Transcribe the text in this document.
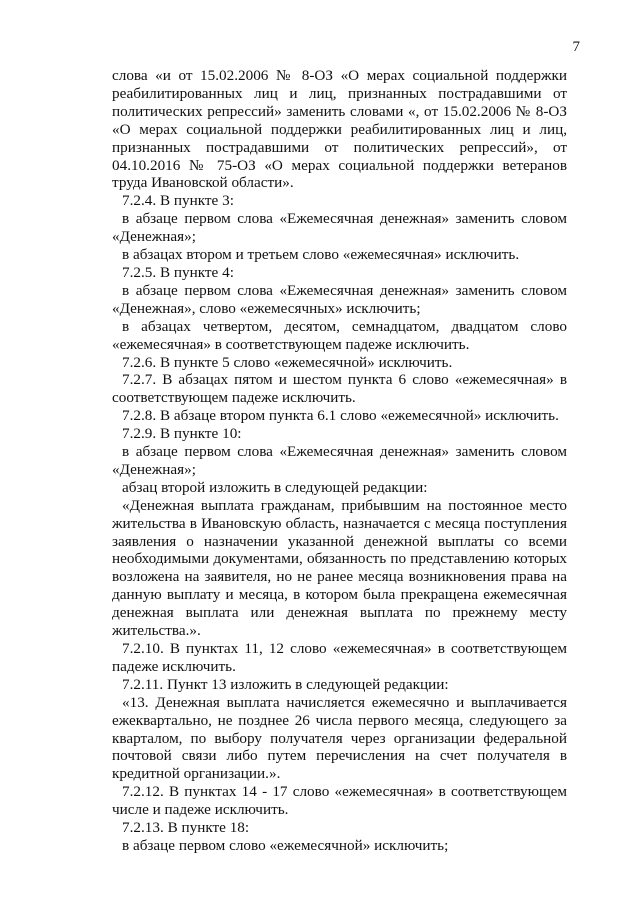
7

слова «и от 15.02.2006 № 8-ОЗ «О мерах социальной поддержки реабилитированных лиц и лиц, признанных пострадавшими от политических репрессий» заменить словами «, от 15.02.2006 № 8-ОЗ «О мерах социальной поддержки реабилитированных лиц и лиц, признанных пострадавшими от политических репрессий», от 04.10.2016 № 75-ОЗ «О мерах социальной поддержки ветеранов труда Ивановской области».

7.2.4. В пункте 3:

в абзаце первом слова «Ежемесячная денежная» заменить словом «Денежная»;

в абзацах втором и третьем слово «ежемесячная» исключить.

7.2.5. В пункте 4:

в абзаце первом слова «Ежемесячная денежная» заменить словом «Денежная», слово «ежемесячных» исключить;

в абзацах четвертом, десятом, семнадцатом, двадцатом слово «ежемесячная» в соответствующем падеже исключить.

7.2.6. В пункте 5 слово «ежемесячной» исключить.

7.2.7. В абзацах пятом и шестом пункта 6 слово «ежемесячная» в соответствующем падеже исключить.

7.2.8. В абзаце втором пункта 6.1 слово «ежемесячной» исключить.

7.2.9. В пункте 10:

в абзаце первом слова «Ежемесячная денежная» заменить словом «Денежная»;

абзац второй изложить в следующей редакции:

«Денежная выплата гражданам, прибывшим на постоянное место жительства в Ивановскую область, назначается с месяца поступления заявления о назначении указанной денежной выплаты со всеми необходимыми документами, обязанность по представлению которых возложена на заявителя, но не ранее месяца возникновения права на данную выплату и месяца, в котором была прекращена ежемесячная денежная выплата или денежная выплата по прежнему месту жительства.».

7.2.10. В пунктах 11, 12 слово «ежемесячная» в соответствующем падеже исключить.

7.2.11. Пункт 13 изложить в следующей редакции:

«13. Денежная выплата начисляется ежемесячно и выплачивается ежеквартально, не позднее 26 числа первого месяца, следующего за кварталом, по выбору получателя через организации федеральной почтовой связи либо путем перечисления на счет получателя в кредитной организации.».

7.2.12. В пунктах 14 - 17 слово «ежемесячная» в соответствующем числе и падеже исключить.

7.2.13. В пункте 18:

в абзаце первом слово «ежемесячной» исключить;
